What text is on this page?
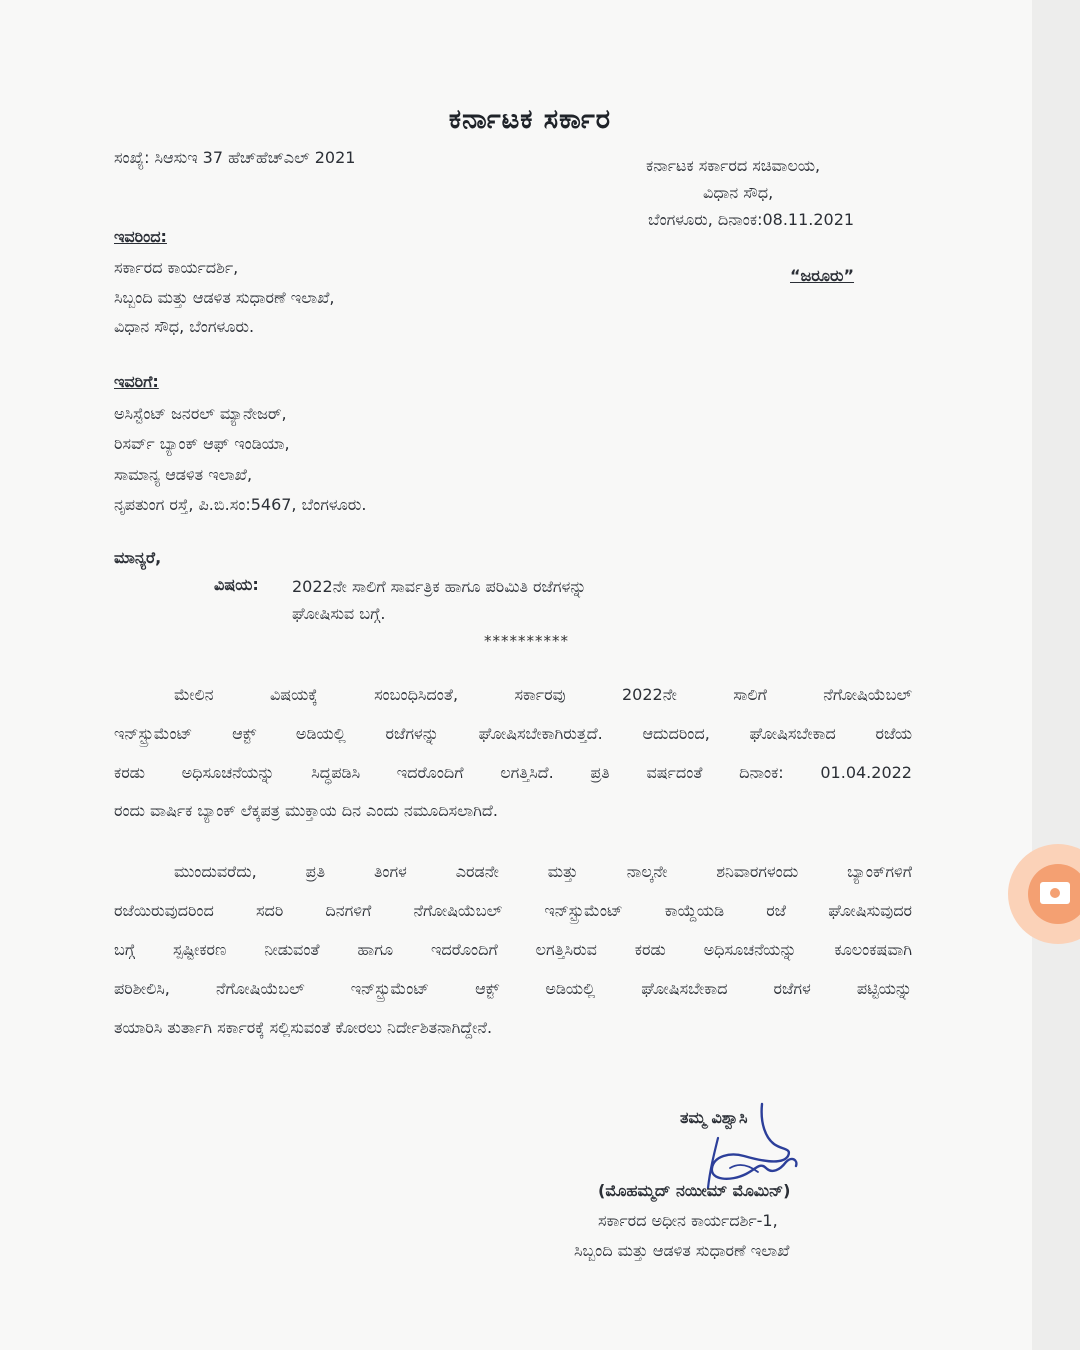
ಕರ್ನಾಟಕ ಸರ್ಕಾರ
ಸಂಖ್ಯೆ: ಸಿಆಸುಇ 37 ಹೆಚ್‌ಹೆಚ್‌ಎಲ್ 2021	ಕರ್ನಾಟಕ ಸರ್ಕಾರದ ಸಚಿವಾಲಯ,
ವಿಧಾನ ಸೌಧ,
ಬೆಂಗಳೂರು, ದಿನಾಂಕ:08.11.2021
“ಜರೂರು”
ಇವರಿಂದ:
ಸರ್ಕಾರದ ಕಾರ್ಯದರ್ಶಿ,
ಸಿಬ್ಬಂದಿ ಮತ್ತು ಆಡಳಿತ ಸುಧಾರಣೆ ಇಲಾಖೆ,
ವಿಧಾನ ಸೌಧ, ಬೆಂಗಳೂರು.
ಇವರಿಗೆ:
ಅಸಿಸ್ಟೆಂಟ್ ಜನರಲ್ ಮ್ಯಾನೇಜರ್,
ರಿಸರ್ವ್ ಬ್ಯಾಂಕ್ ಆಫ್ ಇಂಡಿಯಾ,
ಸಾಮಾನ್ಯ ಆಡಳಿತ ಇಲಾಖೆ,
ನೃಪತುಂಗ ರಸ್ತೆ, ಪಿ.ಬಿ.ಸಂ:5467, ಬೆಂಗಳೂರು.
ಮಾನ್ಯರೆ,
ವಿಷಯ: 2022ನೇ ಸಾಲಿಗೆ ಸಾರ್ವತ್ರಿಕ ಹಾಗೂ ಪರಿಮಿತಿ ರಜೆಗಳನ್ನು
ಘೋಷಿಸುವ ಬಗ್ಗೆ.
**********

ಮೇಲಿನ ವಿಷಯಕ್ಕೆ ಸಂಬಂಧಿಸಿದಂತೆ, ಸರ್ಕಾರವು 2022ನೇ ಸಾಲಿಗೆ ನೆಗೋಷಿಯೆಬಲ್

ಇನ್‌ಸ್ಟ್ರುಮೆಂಟ್ ಆಕ್ಟ್ ಅಡಿಯಲ್ಲಿ ರಜೆಗಳನ್ನು ಘೋಷಿಸಬೇಕಾಗಿರುತ್ತದೆ. ಆದುದರಿಂದ, ಘೋಷಿಸಬೇಕಾದ ರಜೆಯ

ಕರಡು ಅಧಿಸೂಚನೆಯನ್ನು ಸಿದ್ಧಪಡಿಸಿ ಇದರೊಂದಿಗೆ ಲಗತ್ತಿಸಿದೆ. ಪ್ರತಿ ವರ್ಷದಂತೆ ದಿನಾಂಕ: 01.04.2022

ರಂದು ವಾರ್ಷಿಕ ಬ್ಯಾಂಕ್ ಲೆಕ್ಕಪತ್ರ ಮುಕ್ತಾಯ ದಿನ ಎಂದು ನಮೂದಿಸಲಾಗಿದೆ.

ಮುಂದುವರೆದು, ಪ್ರತಿ ತಿಂಗಳ ಎರಡನೇ ಮತ್ತು ನಾಲ್ಕನೇ ಶನಿವಾರಗಳಂದು ಬ್ಯಾಂಕ್‌ಗಳಿಗೆ

ರಜೆಯಿರುವುದರಿಂದ ಸದರಿ ದಿನಗಳಿಗೆ ನೆಗೋಷಿಯೆಬಲ್ ಇನ್‌ಸ್ಟ್ರುಮೆಂಟ್ ಕಾಯ್ದೆಯಡಿ ರಜೆ ಘೋಷಿಸುವುದರ

ಬಗ್ಗೆ ಸ್ಪಷ್ಟೀಕರಣ ನೀಡುವಂತೆ ಹಾಗೂ ಇದರೊಂದಿಗೆ ಲಗತ್ತಿಸಿರುವ ಕರಡು ಅಧಿಸೂಚನೆಯನ್ನು ಕೂಲಂಕಷವಾಗಿ

ಪರಿಶೀಲಿಸಿ, ನೆಗೋಷಿಯೆಬಲ್ ಇನ್‌ಸ್ಟ್ರುಮೆಂಟ್ ಆಕ್ಟ್ ಅಡಿಯಲ್ಲಿ ಘೋಷಿಸಬೇಕಾದ ರಜೆಗಳ ಪಟ್ಟಿಯನ್ನು

ತಯಾರಿಸಿ ತುರ್ತಾಗಿ ಸರ್ಕಾರಕ್ಕೆ ಸಲ್ಲಿಸುವಂತೆ ಕೋರಲು ನಿರ್ದೇಶಿತನಾಗಿದ್ದೇನೆ.

ತಮ್ಮ ವಿಶ್ವಾಸಿ
(ಮೊಹಮ್ಮದ್ ನಯೀಮ್ ಮೊಮಿನ್)
ಸರ್ಕಾರದ ಅಧೀನ ಕಾರ್ಯದರ್ಶಿ-1,
ಸಿಬ್ಬಂದಿ ಮತ್ತು ಆಡಳಿತ ಸುಧಾರಣೆ ಇಲಾಖೆ
